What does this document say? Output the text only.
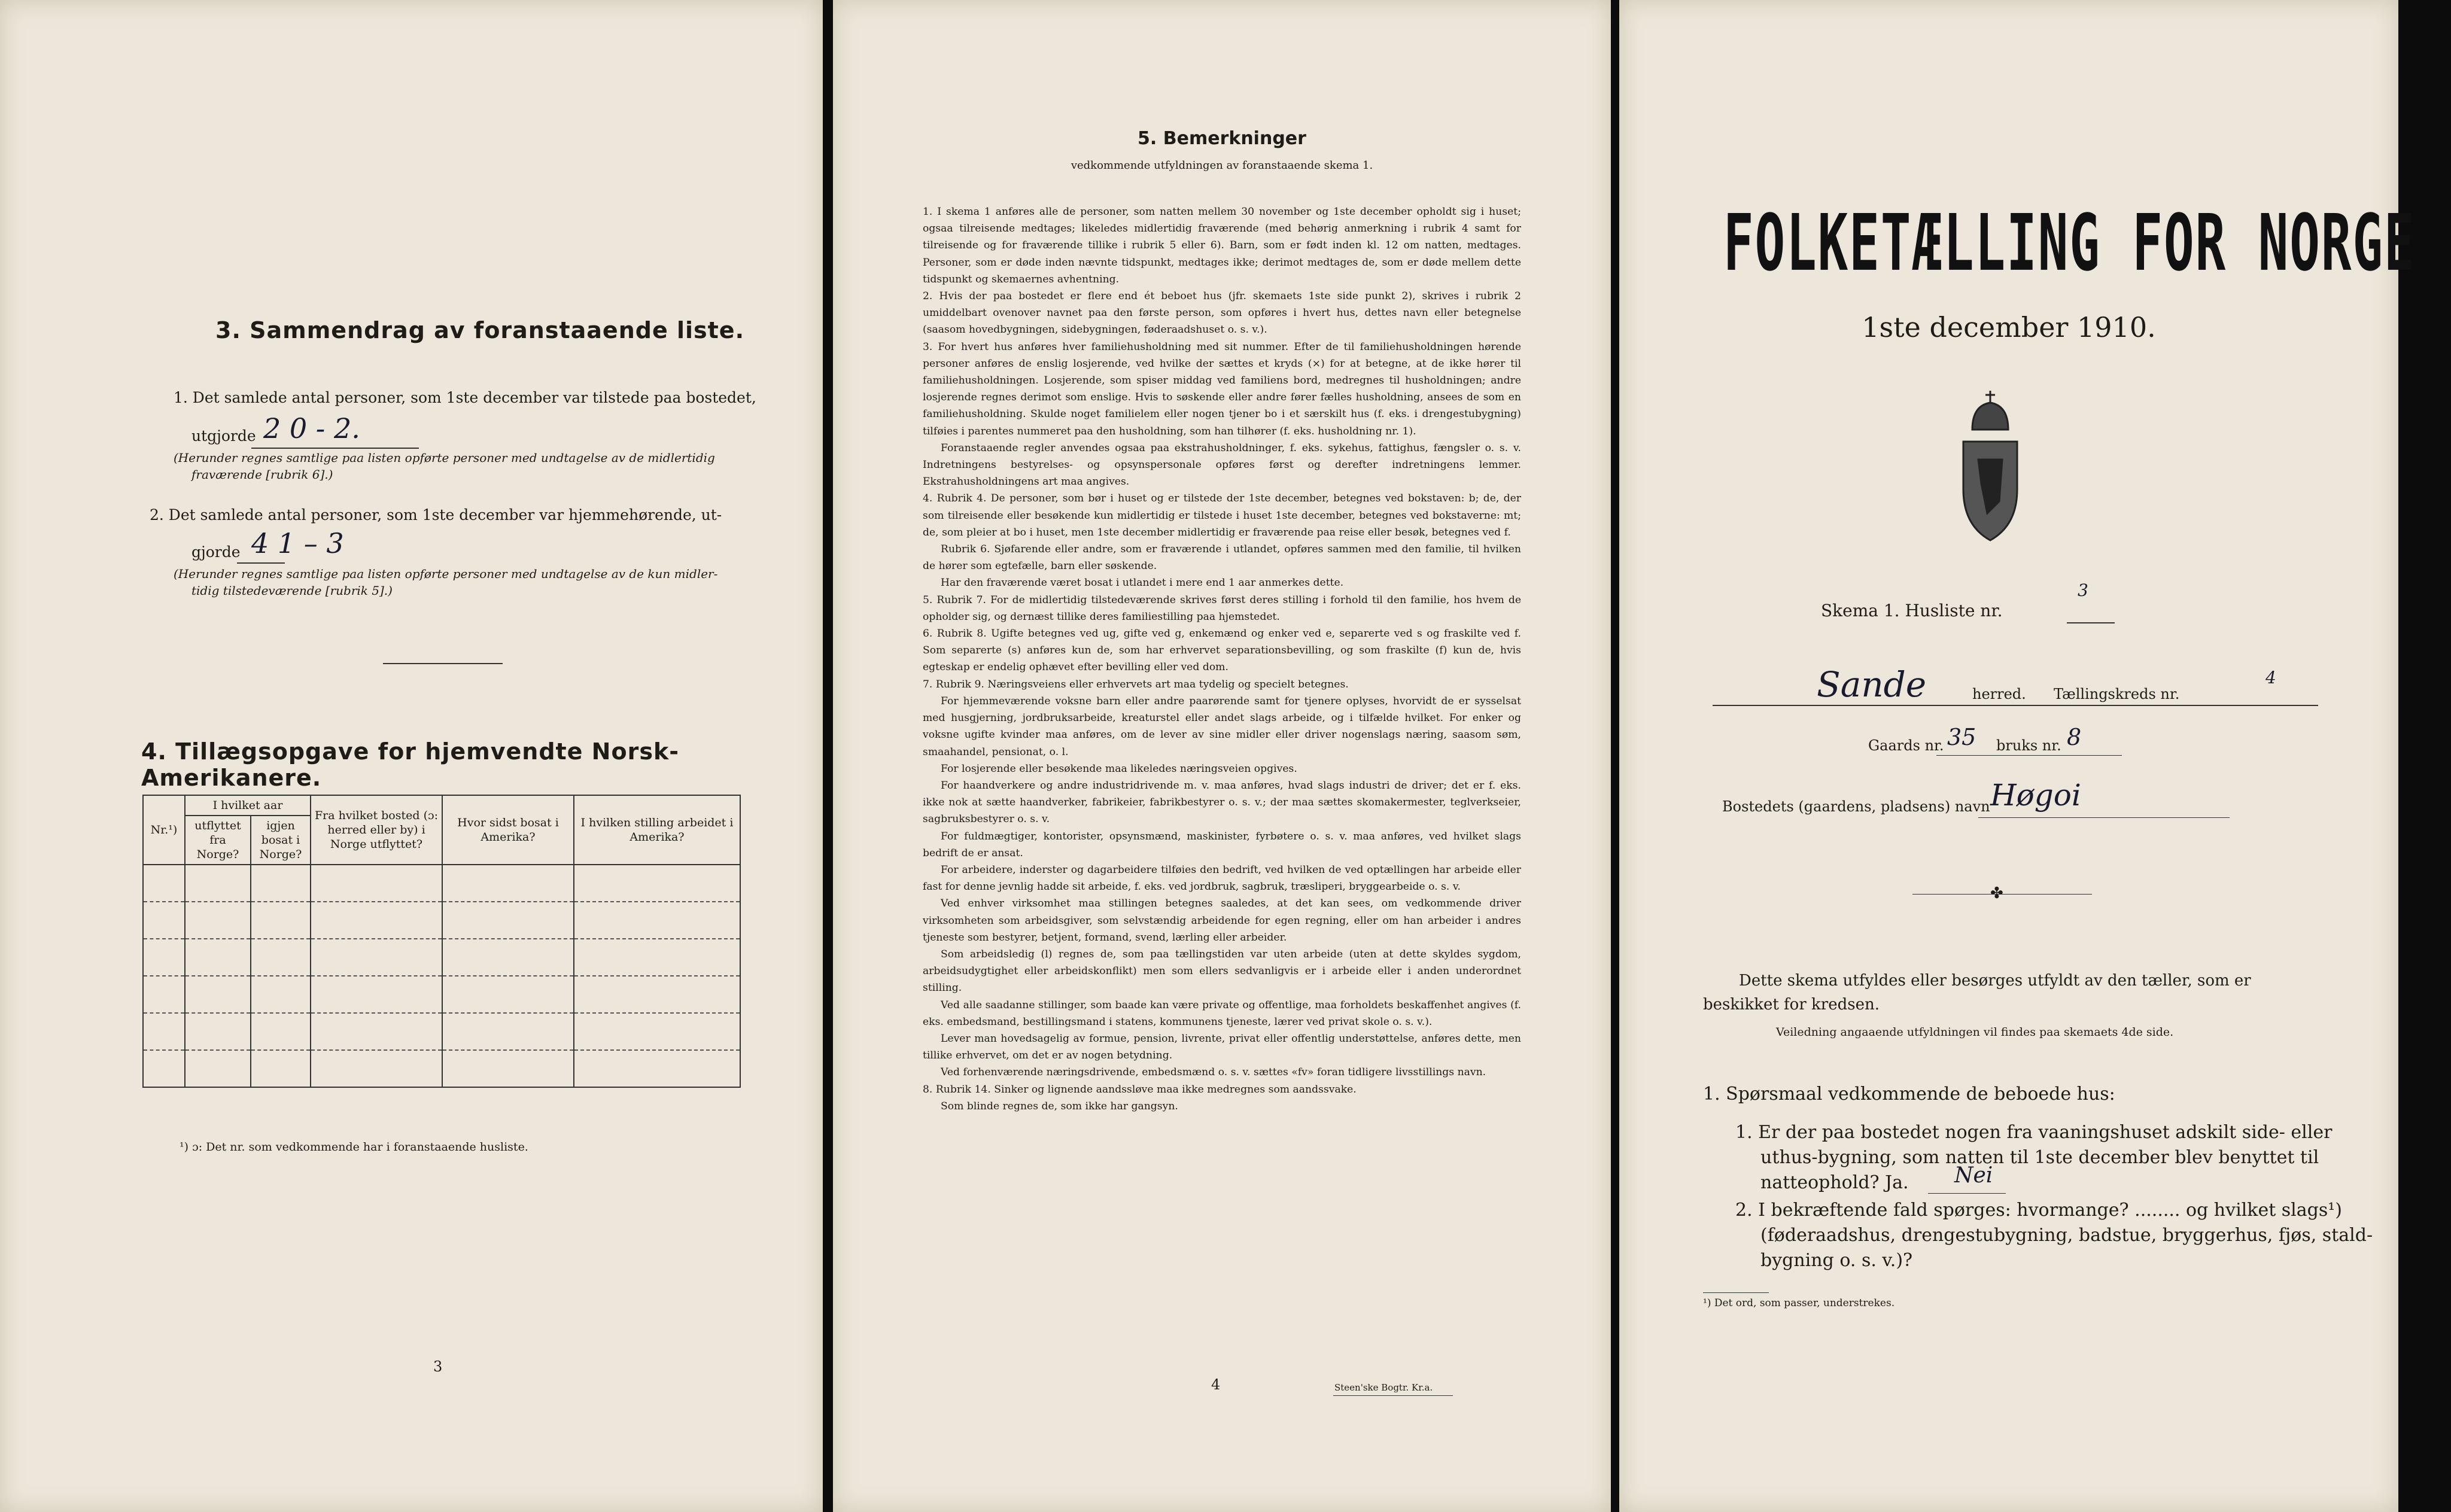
3. Sammendrag av foranstaaende liste.
1. Det samlede antal personer, som 1ste december var tilstede paa bostedet,
utgjorde 2 0 - 2.
(Herunder regnes samtlige paa listen opførte personer med undtagelse av de midlertidig
fraværende [rubrik 6].)
2. Det samlede antal personer, som 1ste december var hjemmehørende, ut-
gjorde 4 1 – 3
(Herunder regnes samtlige paa listen opførte personer med undtagelse av de kun midler-
tidig tilstedeværende [rubrik 5].)
4. Tillægsopgave for hjemvendte Norsk-Amerikanere.
Nr.¹)	I hvilket aar		Fra hvilket bosted (ɔ: herred eller by) i Norge utflyttet?	Hvor sidst bosat i Amerika?	I hvilken stilling arbeidet i Amerika?
	utflyttet fra Norge?	igjen bosat i Norge?			

¹) ɔ: Det nr. som vedkommende har i foranstaaende husliste.
3
5. Bemerkninger
vedkommende utfyldningen av foranstaaende skema 1.

1. I skema 1 anføres alle de personer, som natten mellem 30 november og 1ste december opholdt sig i huset; ogsaa tilreisende medtages; likeledes midlertidig fraværende (med behørig anmerkning i rubrik 4 samt for tilreisende og for fraværende tillike i rubrik 5 eller 6). Barn, som er født inden kl. 12 om natten, medtages. Personer, som er døde inden nævnte tidspunkt, medtages ikke; derimot medtages de, som er døde mellem dette tidspunkt og skemaernes avhentning.

2. Hvis der paa bostedet er flere end ét beboet hus (jfr. skemaets 1ste side punkt 2), skrives i rubrik 2 umiddelbart ovenover navnet paa den første person, som opføres i hvert hus, dettes navn eller betegnelse (saasom hovedbygningen, sidebygningen, føderaadshuset o. s. v.).

3. For hvert hus anføres hver familiehusholdning med sit nummer. Efter de til familiehusholdningen hørende personer anføres de enslig losjerende, ved hvilke der sættes et kryds (×) for at betegne, at de ikke hører til familiehusholdningen. Losjerende, som spiser middag ved familiens bord, medregnes til husholdningen; andre losjerende regnes derimot som enslige. Hvis to søskende eller andre fører fælles husholdning, ansees de som en familiehusholdning. Skulde noget familielem eller nogen tjener bo i et særskilt hus (f. eks. i drengestubygning) tilføies i parentes nummeret paa den husholdning, som han tilhører (f. eks. husholdning nr. 1).

Foranstaaende regler anvendes ogsaa paa ekstrahusholdninger, f. eks. sykehus, fattighus, fængsler o. s. v. Indretningens bestyrelses- og opsynspersonale opføres først og derefter indretningens lemmer. Ekstrahusholdningens art maa angives.

4. Rubrik 4. De personer, som bør i huset og er tilstede der 1ste december, betegnes ved bokstaven: b; de, der som tilreisende eller besøkende kun midlertidig er tilstede i huset 1ste december, betegnes ved bokstaverne: mt; de, som pleier at bo i huset, men 1ste december midlertidig er fraværende paa reise eller besøk, betegnes ved f.

Rubrik 6. Sjøfarende eller andre, som er fraværende i utlandet, opføres sammen med den familie, til hvilken de hører som egtefælle, barn eller søskende.

Har den fraværende været bosat i utlandet i mere end 1 aar anmerkes dette.

5. Rubrik 7. For de midlertidig tilstedeværende skrives først deres stilling i forhold til den familie, hos hvem de opholder sig, og dernæst tillike deres familiestilling paa hjemstedet.

6. Rubrik 8. Ugifte betegnes ved ug, gifte ved g, enkemænd og enker ved e, separerte ved s og fraskilte ved f. Som separerte (s) anføres kun de, som har erhvervet separationsbevilling, og som fraskilte (f) kun de, hvis egteskap er endelig ophævet efter bevilling eller ved dom.

7. Rubrik 9. Næringsveiens eller erhvervets art maa tydelig og specielt betegnes.

For hjemmeværende voksne barn eller andre paarørende samt for tjenere oplyses, hvorvidt de er sysselsat med husgjerning, jordbruksarbeide, kreaturstel eller andet slags arbeide, og i tilfælde hvilket. For enker og voksne ugifte kvinder maa anføres, om de lever av sine midler eller driver nogenslags næring, saasom søm, smaahandel, pensionat, o. l.

For losjerende eller besøkende maa likeledes næringsveien opgives.

For haandverkere og andre industridrivende m. v. maa anføres, hvad slags industri de driver; det er f. eks. ikke nok at sætte haandverker, fabrikeier, fabrikbestyrer o. s. v.; der maa sættes skomakermester, teglverkseier, sagbruksbestyrer o. s. v.

For fuldmægtiger, kontorister, opsynsmænd, maskinister, fyrbøtere o. s. v. maa anføres, ved hvilket slags bedrift de er ansat.

For arbeidere, inderster og dagarbeidere tilføies den bedrift, ved hvilken de ved optællingen har arbeide eller fast for denne jevnlig hadde sit arbeide, f. eks. ved jordbruk, sagbruk, træsliperi, bryggearbeide o. s. v.

Ved enhver virksomhet maa stillingen betegnes saaledes, at det kan sees, om vedkommende driver virksomheten som arbeidsgiver, som selvstændig arbeidende for egen regning, eller om han arbeider i andres tjeneste som bestyrer, betjent, formand, svend, lærling eller arbeider.

Som arbeidsledig (l) regnes de, som paa tællingstiden var uten arbeide (uten at dette skyldes sygdom, arbeidsudygtighet eller arbeidskonflikt) men som ellers sedvanligvis er i arbeide eller i anden underordnet stilling.

Ved alle saadanne stillinger, som baade kan være private og offentlige, maa forholdets beskaffenhet angives (f. eks. embedsmand, bestillingsmand i statens, kommunens tjeneste, lærer ved privat skole o. s. v.).

Lever man hovedsagelig av formue, pension, livrente, privat eller offentlig understøttelse, anføres dette, men tillike erhvervet, om det er av nogen betydning.

Ved forhenværende næringsdrivende, embedsmænd o. s. v. sættes «fv» foran tidligere livsstillings navn.

8. Rubrik 14. Sinker og lignende aandssløve maa ikke medregnes som aandssvake.

Som blinde regnes de, som ikke har gangsyn.

4	Steen'ske Bogtr. Kr.a.
1ste december 1910.
Skema 1. Husliste nr.
3
Sande	herred. Tællingskreds nr.
4
Gaards nr. 35 bruks nr. 8
Bostedets (gaardens, pladsens) navn Høgoi
✤
Dette skema utfyldes eller besørges utfyldt av den tæller, som er
beskikket for kredsen.
Veiledning angaaende utfyldningen vil findes paa skemaets 4de side.
1. Spørsmaal vedkommende de beboede hus:
1. Er der paa bostedet nogen fra vaaningshuset adskilt side- eller
uthus-bygning, som natten til 1ste december blev benyttet til
natteophold? Ja. Nei
2. I bekræftende fald spørges: hvormange? ........ og hvilket slags¹)
(føderaadshus, drengestubygning, badstue, bryggerhus, fjøs, stald-
bygning o. s. v.)?
¹) Det ord, som passer, understrekes.
FOLKETÆLLING FOR NORGE
